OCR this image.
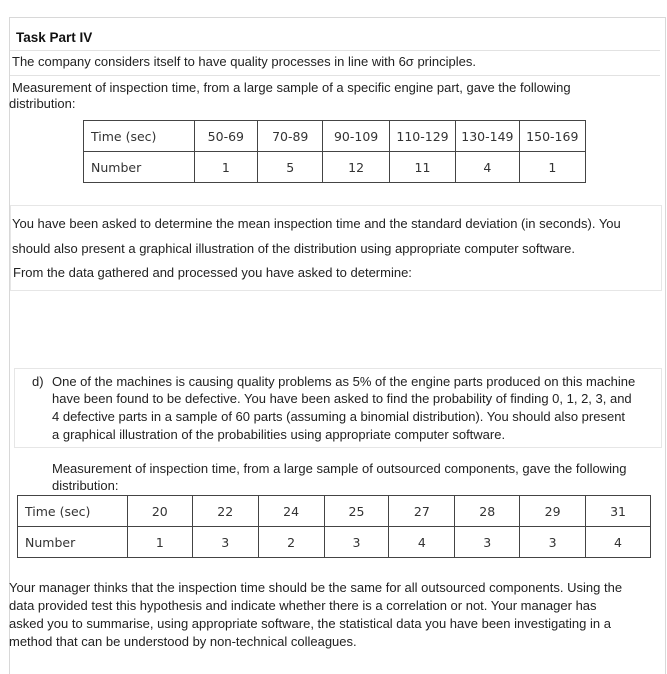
Task Part IV
The company considers itself to have quality processes in line with 6σ principles.
Measurement of inspection time, from a large sample of a specific engine part, gave the following
distribution:
Time (sec)	50-69	70-89	90-109	110-129	130-149	150-169
Number	1	5	12	11	4	1
You have been asked to determine the mean inspection time and the standard deviation (in seconds). You
should also present a graphical illustration of the distribution using appropriate computer software.
From the data gathered and processed you have asked to determine:
d) One of the machines is causing quality problems as 5% of the engine parts produced on this machine
have been found to be defective. You have been asked to find the probability of finding 0, 1, 2, 3, and
4 defective parts in a sample of 60 parts (assuming a binomial distribution). You should also present
a graphical illustration of the probabilities using appropriate computer software.
Measurement of inspection time, from a large sample of outsourced components, gave the following
distribution:
Time (sec)	20	22	24	25	27	28	29	31
Number	1	3	2	3	4	3	3	4
Your manager thinks that the inspection time should be the same for all outsourced components. Using the
data provided test this hypothesis and indicate whether there is a correlation or not. Your manager has
asked you to summarise, using appropriate software, the statistical data you have been investigating in a
method that can be understood by non-technical colleagues.
